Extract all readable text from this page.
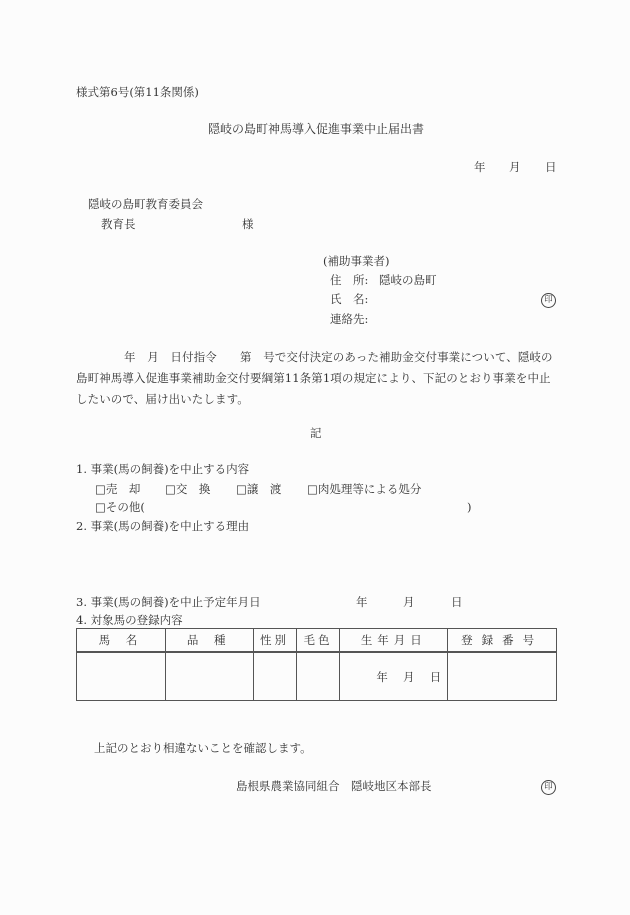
様式第6号(第11条関係)
隠岐の島町神馬導入促進事業中止届出書
年 月 日
隠岐の島町教育委員会
教育長	様
(補助事業者)
住　所: 隠岐の島町
氏　名:	印
連絡先:
年　月　日付指令　　第　号で交付決定のあった補助金交付事業について、隠岐の島町神馬導入促進事業補助金交付要綱第11条第1項の規定により、下記のとおり事業を中止したいので、届け出いたします。
記
1. 事業(馬の飼養)を中止する内容
□売　却 □交　換 □譲　渡 □肉処理等による処分
□その他(	)
2. 事業(馬の飼養)を中止する理由
3. 事業(馬の飼養)を中止予定年月日	年	月	日
4. 対象馬の登録内容
馬 名	品 種	性別	毛色	生年月日	登録番号
				年　 月　 日	
上記のとおり相違ないことを確認します。
島根県農業協同組合　隠岐地区本部長	印
